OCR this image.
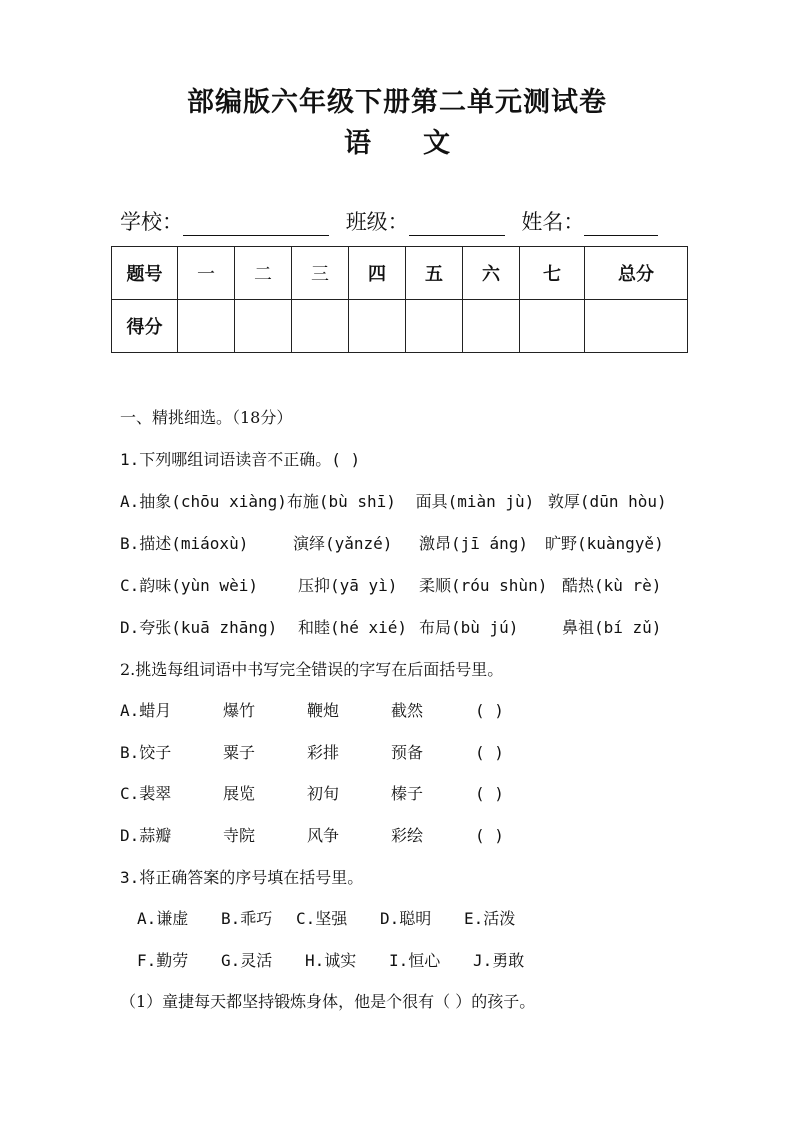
部编版六年级下册第二单元测试卷
语 文
学校：	班级：	姓名：
题号	一	二	三	四	五	六	七	总分
得分								
一、精挑细选。（18分）
1.下列哪组词语读音不正确。( )
A.抽象(chōu xiàng)布施(bù shī) 面具(miàn jù) 敦厚(dūn hòu)
B.描述(miáoxù)	演绎(yǎnzé) 激昂(jī áng) 旷野(kuàngyě)
C.韵味(yùn wèi)	压抑(yā yì) 柔顺(róu shùn) 酷热(kù rè)
D.夸张(kuā zhāng) 和睦(hé xié) 布局(bù jú)	鼻祖(bí zǔ)
2.挑选每组词语中书写完全错误的字写在后面括号里。
A.蜡月	爆竹	鞭炮	截然	( )
B.饺子	粟子	彩排	预备	( )
C.裴翠	展览	初旬	榛子	( )
D.蒜瓣	寺院	风争	彩绘	( )
3.将正确答案的序号填在括号里。
A.谦虚 B.乖巧 C.坚强 D.聪明 E.活泼
F.勤劳 G.灵活 H.诚实 I.恒心 J.勇敢
（1）童捷每天都坚持锻炼身体，他是个很有（ ）的孩子。
